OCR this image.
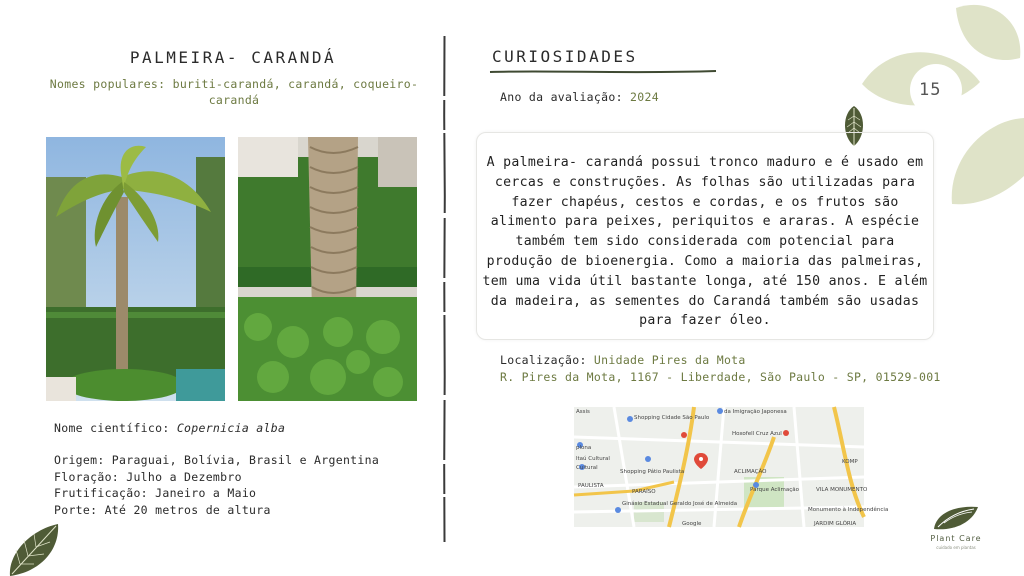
15
PALMEIRA- CARANDÁ
Nomes populares: buriti-carandá, carandá, coqueiro-carandá
Nome científico: Copernicia alba
Origem: Paraguai, Bolívia, Brasil e Argentina
Floração: Julho a Dezembro
Frutificação: Janeiro a Maio
Porte: Até 20 metros de altura
CURIOSIDADES
Ano da avaliação: 2024

A palmeira- carandá possui tronco maduro e é usado em cercas e construções. As folhas são utilizadas para fazer chapéus, cestos e cordas, e os frutos são alimento para peixes, periquitos e araras. A espécie também tem sido considerada com potencial para produção de bioenergia. Como a maioria das palmeiras, tem uma vida útil bastante longa, até 150 anos. E além da madeira, as sementes do Carandá também são usadas para fazer óleo.

Localização: Unidade Pires da Mota
R. Pires da Mota, 1167 - Liberdade, São Paulo - SP, 01529-001
Assis
Shopping Cidade São Paulo
da Imigração Japonesa
Hoxofell Cruz Azul
plona
ltaú Cultural
Shopping Pátio Paulista	ACLIMAÇÃO
KOMP
PAULISTA
PARAÍSO	Parque Aclimação	VILA MONUMENTO
Ginásio Estadual Geraldo José de Almeida
Monumento à Independência
JARDIM GLÓRIA
Google
Cultural
Plant Care
cuidado em plantas
